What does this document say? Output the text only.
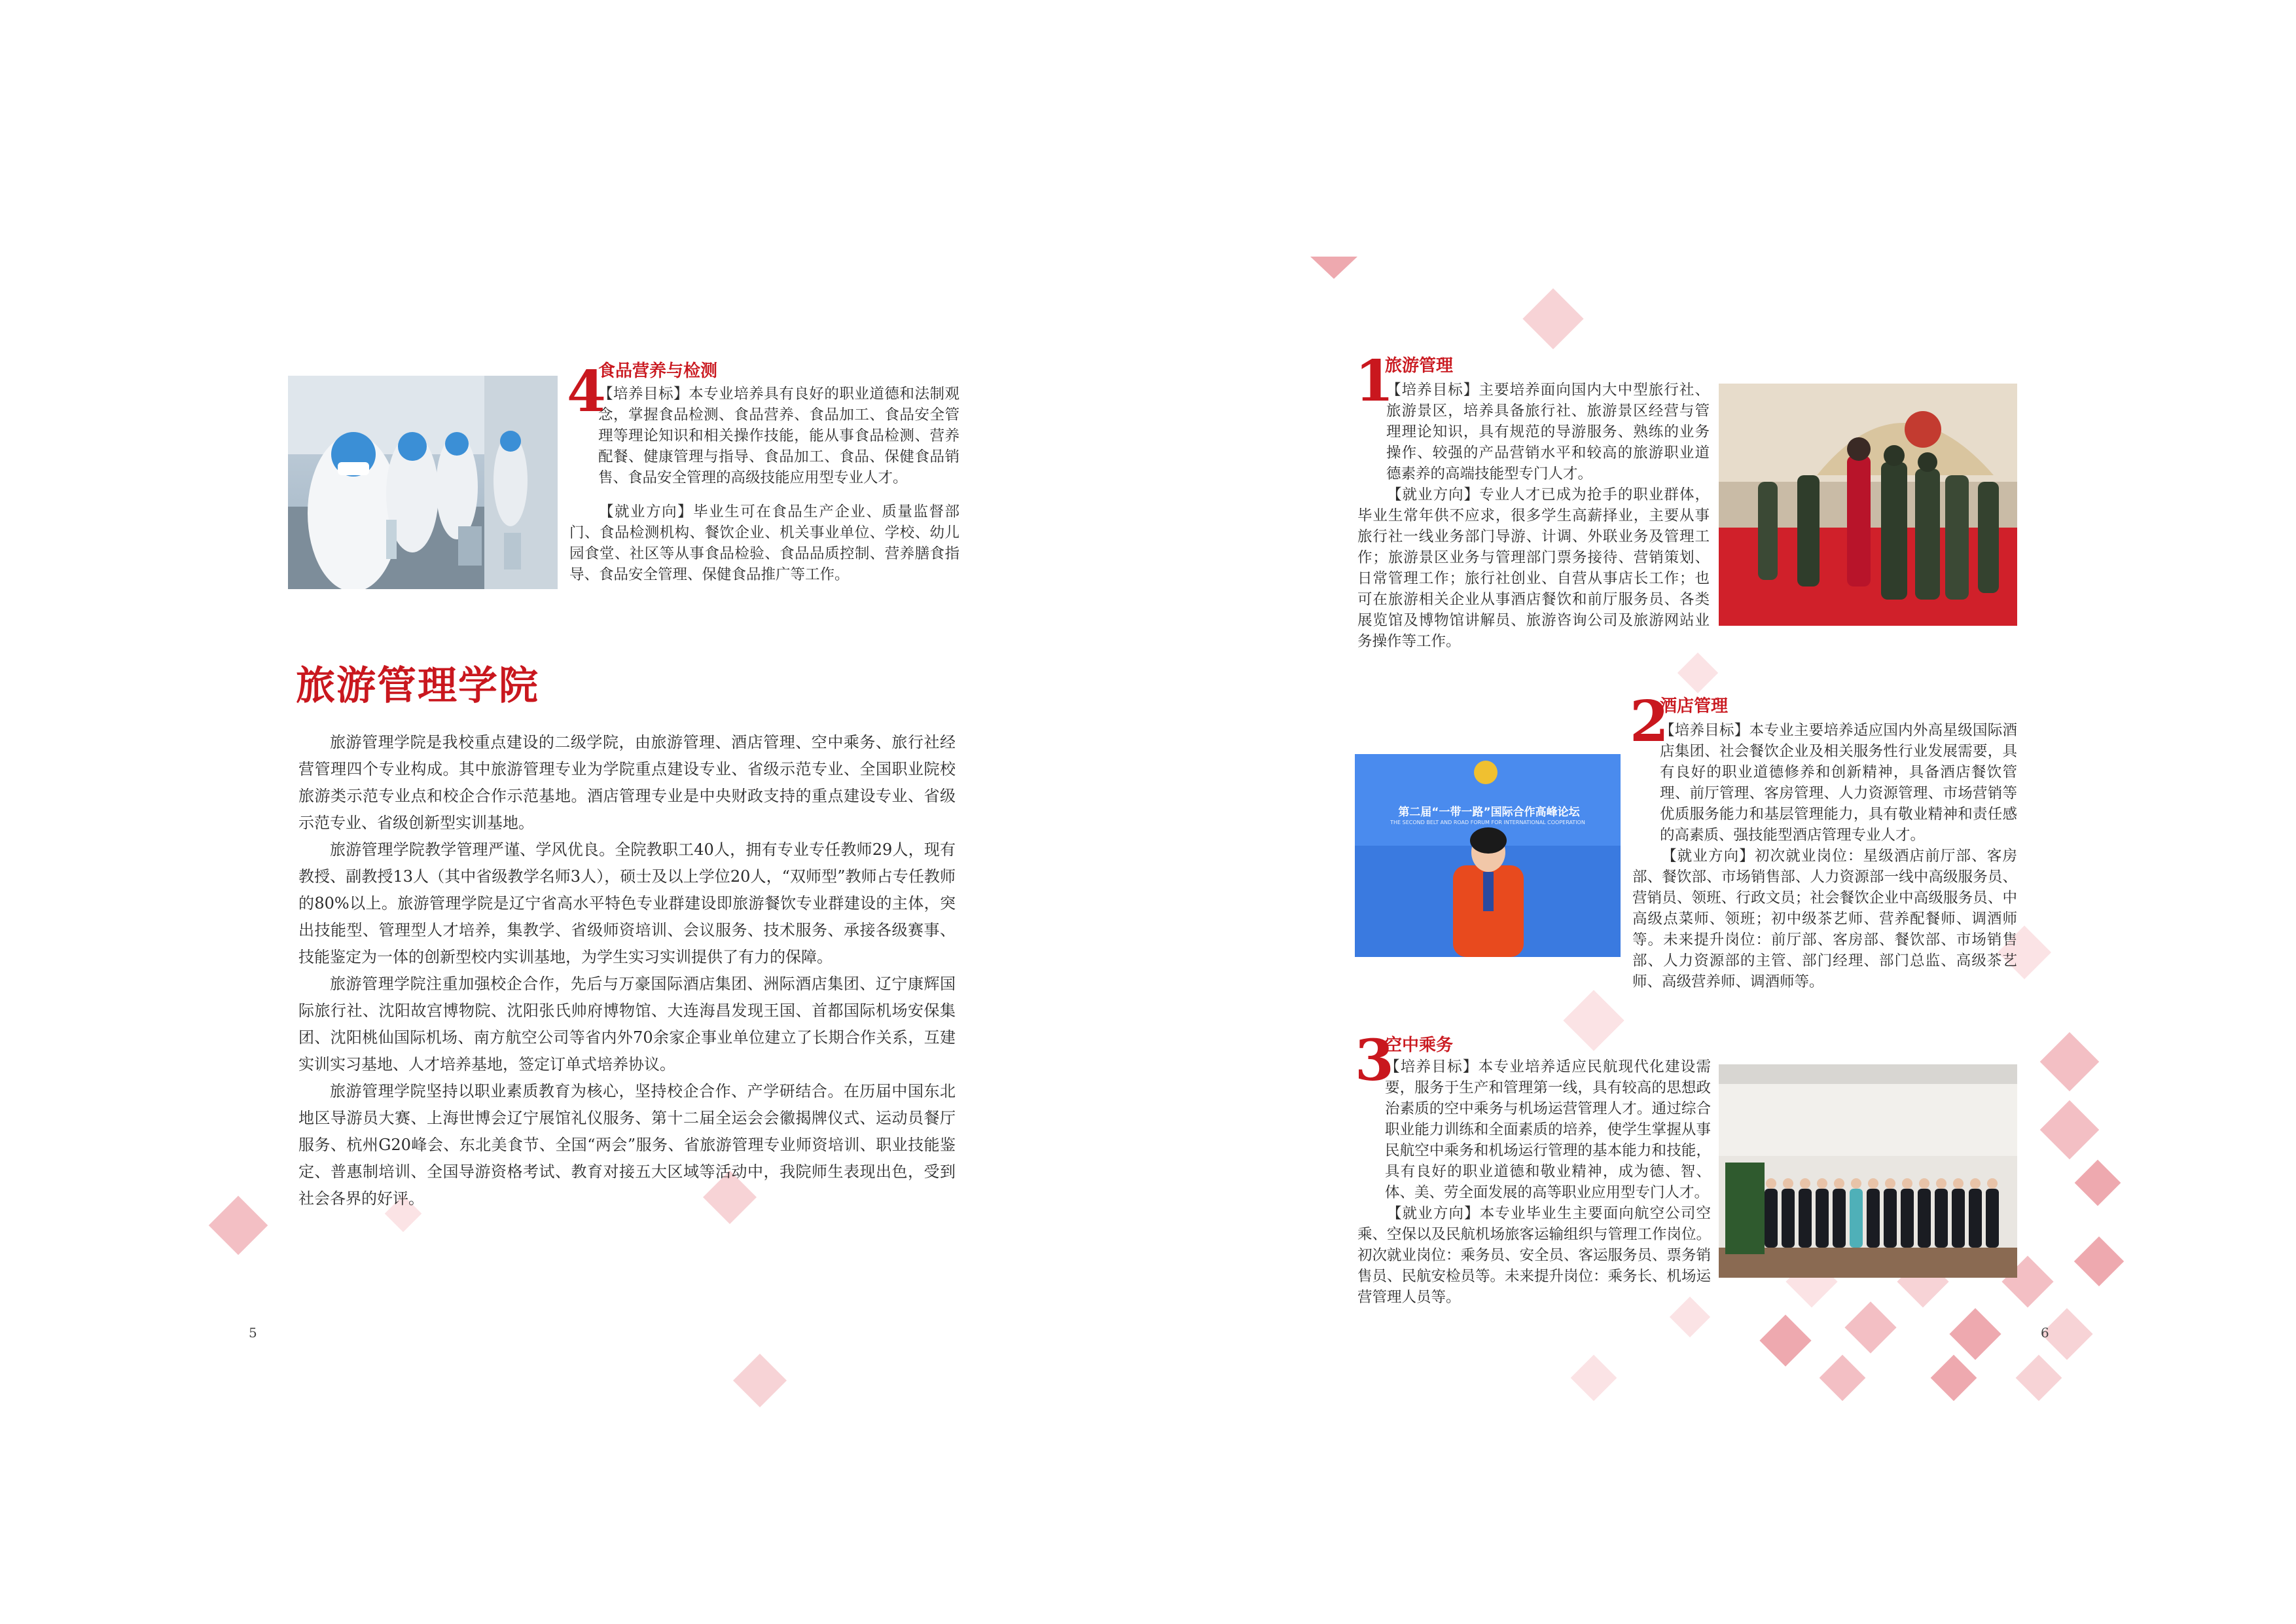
4
食品营养与检测

【培养目标】本专业培养具有良好的职业道德和法制观念，掌握食品检测、食品营养、食品加工、食品安全管理等理论知识和相关操作技能，能从事食品检测、营养配餐、健康管理与指导、食品加工、食品、保健食品销售、食品安全管理的高级技能应用型专业人才。

【就业方向】毕业生可在食品生产企业、质量监督部门、食品检测机构、餐饮企业、机关事业单位、学校、幼儿园食堂、社区等从事食品检验、食品品质控制、营养膳食指导、食品安全管理、保健食品推广等工作。

旅游管理学院

旅游管理学院是我校重点建设的二级学院，由旅游管理、酒店管理、空中乘务、旅行社经营管理四个专业构成。其中旅游管理专业为学院重点建设专业、省级示范专业、全国职业院校旅游类示范专业点和校企合作示范基地。酒店管理专业是中央财政支持的重点建设专业、省级示范专业、省级创新型实训基地。

旅游管理学院教学管理严谨、学风优良。全院教职工40人，拥有专业专任教师29人，现有教授、副教授13人（其中省级教学名师3人），硕士及以上学位20人，“双师型”教师占专任教师的80%以上。旅游管理学院是辽宁省高水平特色专业群建设即旅游餐饮专业群建设的主体，突出技能型、管理型人才培养，集教学、省级师资培训、会议服务、技术服务、承接各级赛事、技能鉴定为一体的创新型校内实训基地，为学生实习实训提供了有力的保障。

旅游管理学院注重加强校企合作，先后与万豪国际酒店集团、洲际酒店集团、辽宁康辉国际旅行社、沈阳故宫博物院、沈阳张氏帅府博物馆、大连海昌发现王国、首都国际机场安保集团、沈阳桃仙国际机场、南方航空公司等省内外70余家企事业单位建立了长期合作关系，互建实训实习基地、人才培养基地，签定订单式培养协议。

旅游管理学院坚持以职业素质教育为核心，坚持校企合作、产学研结合。在历届中国东北地区导游员大赛、上海世博会辽宁展馆礼仪服务、第十二届全运会会徽揭牌仪式、运动员餐厅服务、杭州G20峰会、东北美食节、全国“两会”服务、省旅游管理专业师资培训、职业技能鉴定、普惠制培训、全国导游资格考试、教育对接五大区域等活动中，我院师生表现出色，受到社会各界的好评。

5
1
旅游管理

【培养目标】主要培养面向国内大中型旅行社、旅游景区，培养具备旅行社、旅游景区经营与管理理论知识，具有规范的导游服务、熟练的业务操作、较强的产品营销水平和较高的旅游职业道德素养的高端技能型专门人才。

【就业方向】专业人才已成为抢手的职业群体，毕业生常年供不应求，很多学生高薪择业，主要从事旅行社一线业务部门导游、计调、外联业务及管理工作；旅游景区业务与管理部门票务接待、营销策划、日常管理工作；旅行社创业、自营从事店长工作；也可在旅游相关企业从事酒店餐饮和前厅服务员、各类展览馆及博物馆讲解员、旅游咨询公司及旅游网站业务操作等工作。

2
酒店管理

【培养目标】本专业主要培养适应国内外高星级国际酒店集团、社会餐饮企业及相关服务性行业发展需要，具有良好的职业道德修养和创新精神，具备酒店餐饮管理、前厅管理、客房管理、人力资源管理、市场营销等优质服务能力和基层管理能力，具有敬业精神和责任感的高素质、强技能型酒店管理专业人才。

【就业方向】初次就业岗位：星级酒店前厅部、客房部、餐饮部、市场销售部、人力资源部一线中高级服务员、营销员、领班、行政文员；社会餐饮企业中高级服务员、中高级点菜师、领班；初中级茶艺师、营养配餐师、调酒师等。未来提升岗位：前厅部、客房部、餐饮部、市场销售部、人力资源部的主管、部门经理、部门总监、高级茶艺师、高级营养师、调酒师等。

第二届“一带一路”国际合作高峰论坛
THE SECOND BELT AND ROAD FORUM FOR INTERNATIONAL COOPERATION
3
空中乘务

【培养目标】本专业培养适应民航现代化建设需要，服务于生产和管理第一线，具有较高的思想政治素质的空中乘务与机场运营管理人才。通过综合职业能力训练和全面素质的培养，使学生掌握从事民航空中乘务和机场运行管理的基本能力和技能，具有良好的职业道德和敬业精神，成为德、智、体、美、劳全面发展的高等职业应用型专门人才。

【就业方向】本专业毕业生主要面向航空公司空乘、空保以及民航机场旅客运输组织与管理工作岗位。初次就业岗位：乘务员、安全员、客运服务员、票务销售员、民航安检员等。未来提升岗位：乘务长、机场运营管理人员等。

6
